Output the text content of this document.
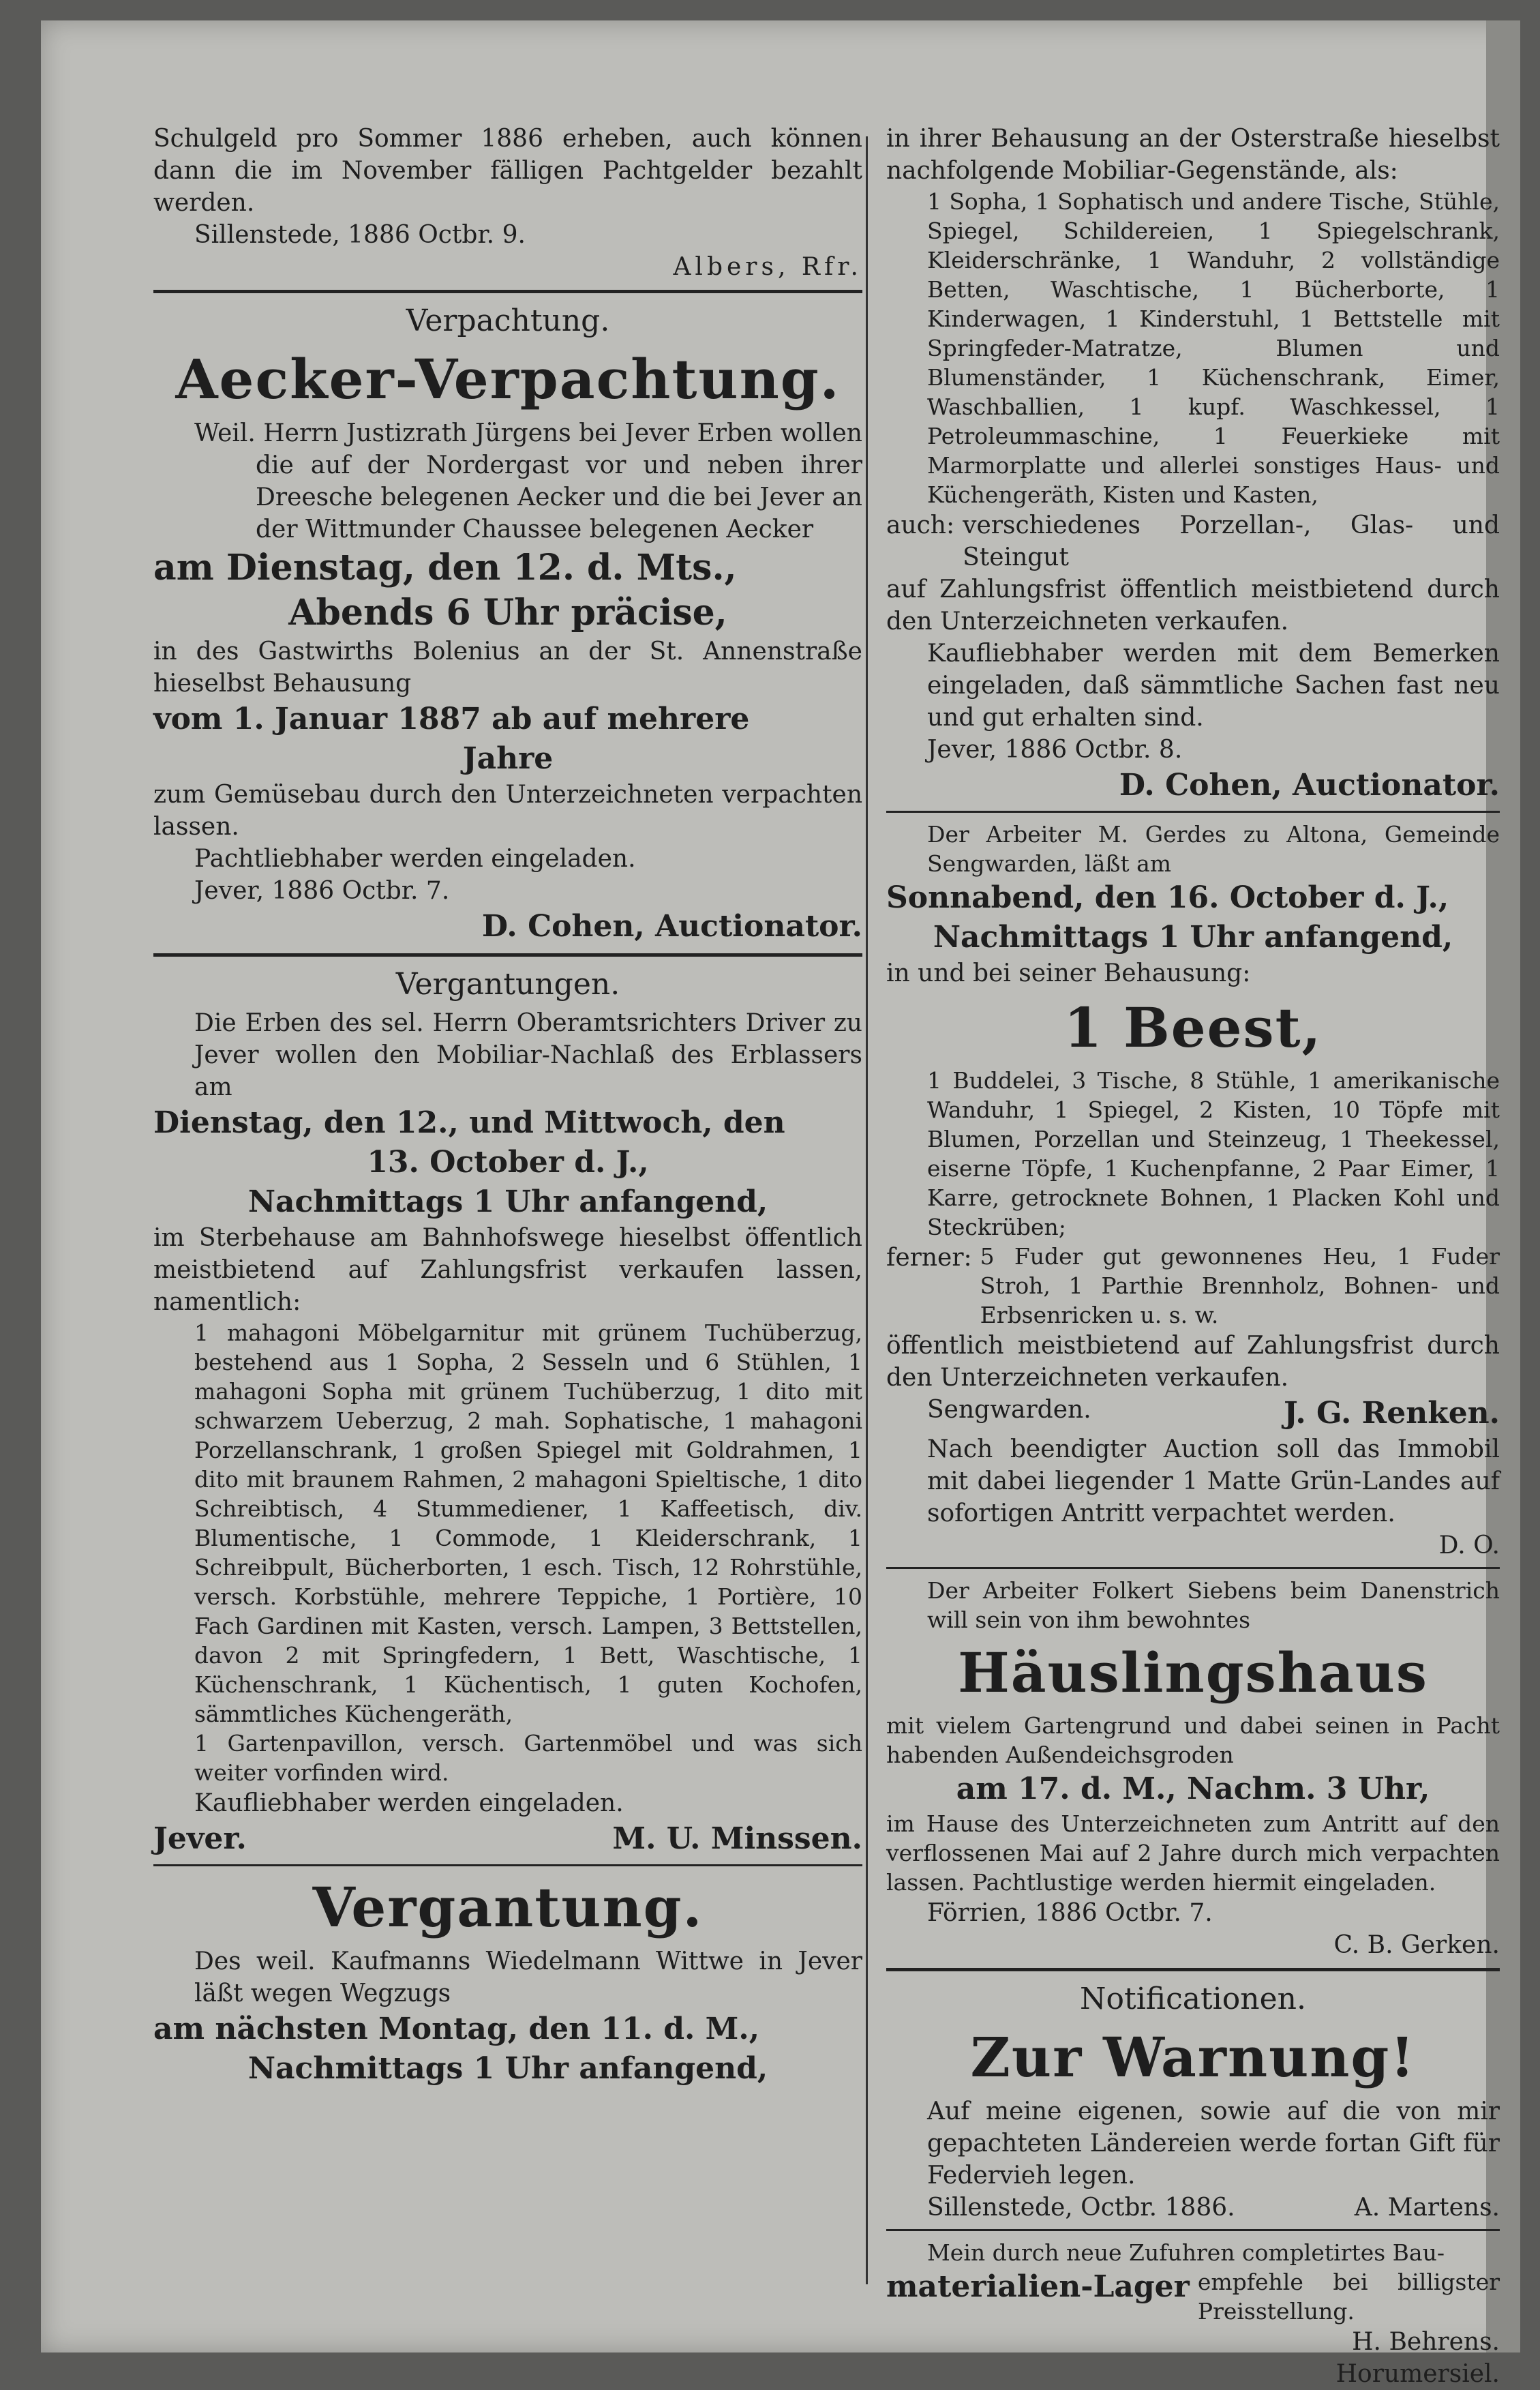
Schulgeld pro Sommer 1886 erheben, auch können dann die im November fälligen Pachtgelder bezahlt werden.

Sillenstede, 1886 Octbr. 9.

Albers, Rfr.

Verpachtung.

Aecker-Verpachtung.

Weil. Herrn Justizrath Jürgens bei Jever Erben wollen

die auf der Nordergast vor und neben ihrer Dreesche belegenen Aecker und die bei Jever an der Wittmunder Chaussee belegenen Aecker

am Dienstag, den 12. d. Mts.,

Abends 6 Uhr präcise,

in des Gastwirths Bolenius an der St. Annenstraße hieselbst Behausung

vom 1. Januar 1887 ab auf mehrere

Jahre

zum Gemüsebau durch den Unterzeichneten verpachten lassen.

Pachtliebhaber werden eingeladen.

Jever, 1886 Octbr. 7.

D. Cohen, Auctionator.

Vergantungen.

Die Erben des sel. Herrn Oberamtsrichters Driver zu Jever wollen den Mobiliar-Nachlaß des Erblassers am

Dienstag, den 12., und Mittwoch, den

13. October d. J.,

Nachmittags 1 Uhr anfangend,

im Sterbehause am Bahnhofswege hieselbst öffentlich meistbietend auf Zahlungsfrist verkaufen lassen, namentlich:

1 mahagoni Möbelgarnitur mit grünem Tuchüberzug, bestehend aus 1 Sopha, 2 Sesseln und 6 Stühlen, 1 mahagoni Sopha mit grünem Tuchüberzug, 1 dito mit schwarzem Ueberzug, 2 mah. Sophatische, 1 mahagoni Porzellanschrank, 1 großen Spiegel mit Goldrahmen, 1 dito mit braunem Rahmen, 2 mahagoni Spieltische, 1 dito Schreibtisch, 4 Stummediener, 1 Kaffeetisch, div. Blumentische, 1 Commode, 1 Kleiderschrank, 1 Schreibpult, Bücherborten, 1 esch. Tisch, 12 Rohrstühle, versch. Korbstühle, mehrere Teppiche, 1 Portière, 10 Fach Gardinen mit Kasten, versch. Lampen, 3 Bettstellen, davon 2 mit Springfedern, 1 Bett, Waschtische, 1 Küchenschrank, 1 Küchentisch, 1 guten Kochofen, sämmtliches Küchengeräth,

1 Gartenpavillon, versch. Gartenmöbel und was sich weiter vorfinden wird.

Kaufliebhaber werden eingeladen.

Jever.	M. U. Minssen.

Vergantung.

Des weil. Kaufmanns Wiedelmann Wittwe in Jever läßt wegen Wegzugs

am nächsten Montag, den 11. d. M.,

Nachmittags 1 Uhr anfangend,

in ihrer Behausung an der Osterstraße hieselbst nachfolgende Mobiliar-Gegenstände, als:

1 Sopha, 1 Sophatisch und andere Tische, Stühle, Spiegel, Schildereien, 1 Spiegelschrank, Kleiderschränke, 1 Wanduhr, 2 vollständige Betten, Waschtische, 1 Bücherborte, 1 Kinderwagen, 1 Kinderstuhl, 1 Bettstelle mit Springfeder-Matratze, Blumen und Blumenständer, 1 Küchenschrank, Eimer, Waschballien, 1 kupf. Waschkessel, 1 Petroleummaschine, 1 Feuerkieke mit Marmorplatte und allerlei sonstiges Haus- und Küchengeräth, Kisten und Kasten,

auch: verschiedenes Porzellan-, Glas- und Steingut

auf Zahlungsfrist öffentlich meistbietend durch den Unterzeichneten verkaufen.

Kaufliebhaber werden mit dem Bemerken eingeladen, daß sämmtliche Sachen fast neu und gut erhalten sind.

Jever, 1886 Octbr. 8.

D. Cohen, Auctionator.

Der Arbeiter M. Gerdes zu Altona, Gemeinde Sengwarden, läßt am

Sonnabend, den 16. October d. J.,

Nachmittags 1 Uhr anfangend,

in und bei seiner Behausung:

1 Beest,

1 Buddelei, 3 Tische, 8 Stühle, 1 amerikanische Wanduhr, 1 Spiegel, 2 Kisten, 10 Töpfe mit Blumen, Porzellan und Steinzeug, 1 Theekessel, eiserne Töpfe, 1 Kuchenpfanne, 2 Paar Eimer, 1 Karre, getrocknete Bohnen, 1 Placken Kohl und Steckrüben;

ferner: 5 Fuder gut gewonnenes Heu, 1 Fuder Stroh, 1 Parthie Brennholz, Bohnen- und Erbsenricken u. s. w.

öffentlich meistbietend auf Zahlungsfrist durch den Unterzeichneten verkaufen.

Sengwarden.	J. G. Renken.

Nach beendigter Auction soll das Immobil mit dabei liegender 1 Matte Grün-Landes auf sofortigen Antritt verpachtet werden.

D. O.

Der Arbeiter Folkert Siebens beim Danenstrich will sein von ihm bewohntes

Häuslingshaus

mit vielem Gartengrund und dabei seinen in Pacht habenden Außendeichsgroden

am 17. d. M., Nachm. 3 Uhr,

im Hause des Unterzeichneten zum Antritt auf den verflossenen Mai auf 2 Jahre durch mich verpachten lassen. Pachtlustige werden hiermit eingeladen.

Förrien, 1886 Octbr. 7.

C. B. Gerken.

Notificationen.

Zur Warnung!

Auf meine eigenen, sowie auf die von mir gepachteten Ländereien werde fortan Gift für Federvieh legen.

Sillenstede, Octbr. 1886.	A. Martens.

Mein durch neue Zufuhren completirtes Bau-

materialien-Lager empfehle bei billigster Preisstellung.

H. Behrens.

Horumersiel.
